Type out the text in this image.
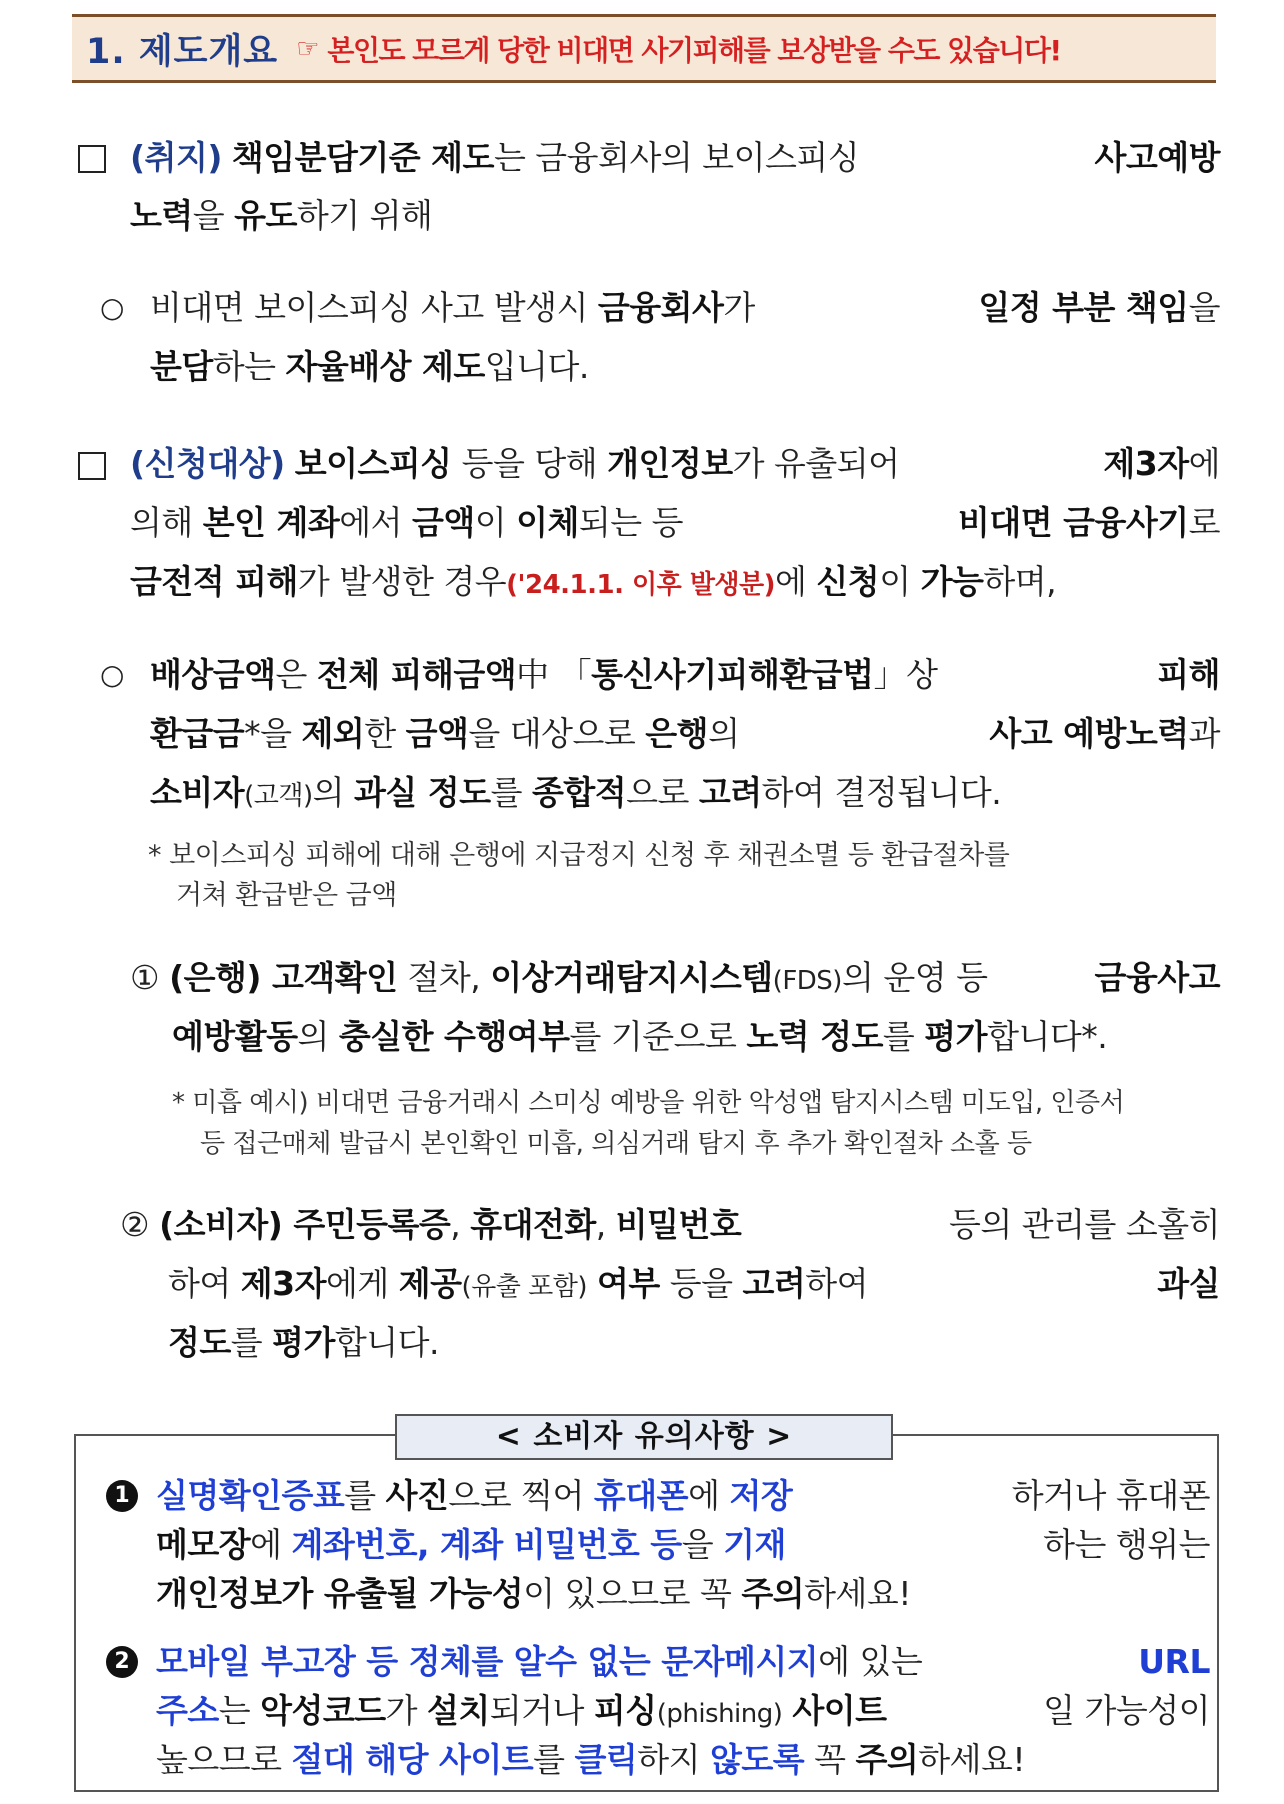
1. 제도개요 ☞ 본인도 모르게 당한 비대면 사기피해를 보상받을 수도 있습니다!
(취지) 책임분담기준 제도는 금융회사의 보이스피싱	사고예방
노력을 유도하기 위해
○ 비대면 보이스피싱 사고 발생시 금융회사가	일정 부분 책임을
분담하는 자율배상 제도입니다.
(신청대상) 보이스피싱 등을 당해 개인정보가 유출되어	제3자에
의해 본인 계좌에서 금액이 이체되는 등	비대면 금융사기로
금전적 피해가 발생한 경우('24.1.1. 이후 발생분)에 신청이 가능하며,
○ 배상금액은 전체 피해금액中 「통신사기피해환급법」상	피해
환급금*을 제외한 금액을 대상으로 은행의	사고 예방노력과
소비자(고객)의 과실 정도를 종합적으로 고려하여 결정됩니다.
* 보이스피싱 피해에 대해 은행에 지급정지 신청 후 채권소멸 등 환급절차를
거쳐 환급받은 금액
① (은행) 고객확인 절차, 이상거래탐지시스템(FDS)의 운영 등	금융사고
예방활동의 충실한 수행여부를 기준으로 노력 정도를 평가합니다*.
* 미흡 예시) 비대면 금융거래시 스미싱 예방을 위한 악성앱 탐지시스템 미도입, 인증서
등 접근매체 발급시 본인확인 미흡, 의심거래 탐지 후 추가 확인절차 소홀 등
② (소비자) 주민등록증, 휴대전화, 비밀번호	등의 관리를 소홀히
하여 제3자에게 제공(유출 포함) 여부 등을 고려하여	과실
정도를 평가합니다.
< 소비자 유의사항 >
1 실명확인증표를 사진으로 찍어 휴대폰에 저장	하거나 휴대폰
메모장에 계좌번호, 계좌 비밀번호 등을 기재	하는 행위는
개인정보가 유출될 가능성이 있으므로 꼭 주의하세요!
2 모바일 부고장 등 정체를 알수 없는 문자메시지에 있는	URL
주소는 악성코드가 설치되거나 피싱(phishing) 사이트	일 가능성이
높으므로 절대 해당 사이트를 클릭하지 않도록 꼭 주의하세요!
